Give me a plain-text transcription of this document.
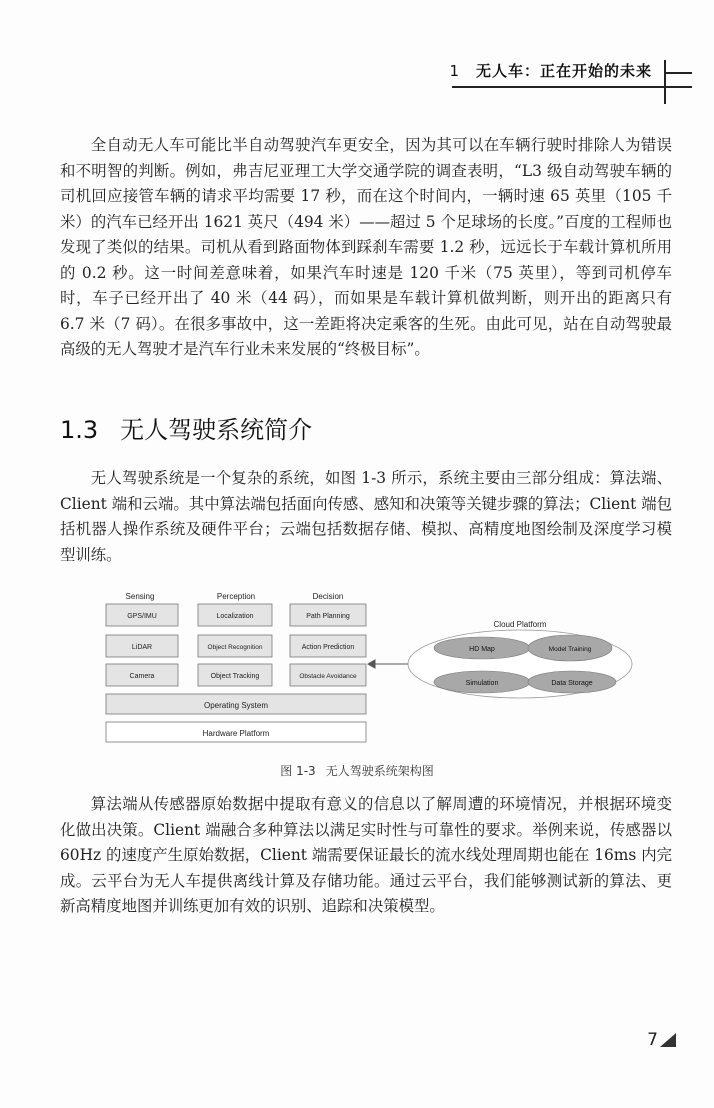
1 无人车：正在开始的未来

全自动无人车可能比半自动驾驶汽车更安全，因为其可以在车辆行驶时排除人为错误和不明智的判断。例如，弗吉尼亚理工大学交通学院的调查表明，“L3 级自动驾驶车辆的司机回应接管车辆的请求平均需要 17 秒，而在这个时间内，一辆时速 65 英里（105 千米）的汽车已经开出 1621 英尺（494 米）——超过 5 个足球场的长度。”百度的工程师也发现了类似的结果。司机从看到路面物体到踩刹车需要 1.2 秒，远远长于车载计算机所用的 0.2 秒。这一时间差意味着，如果汽车时速是 120 千米（75 英里），等到司机停车时，车子已经开出了 40 米（44 码），而如果是车载计算机做判断，则开出的距离只有 6.7 米（7 码）。在很多事故中，这一差距将决定乘客的生死。由此可见，站在自动驾驶最高级的无人驾驶才是汽车行业未来发展的“终极目标”。

1.3 无人驾驶系统简介

无人驾驶系统是一个复杂的系统，如图 1-3 所示，系统主要由三部分组成：算法端、Client 端和云端。其中算法端包括面向传感、感知和决策等关键步骤的算法；Client 端包括机器人操作系统及硬件平台；云端包括数据存储、模拟、高精度地图绘制及深度学习模型训练。

Sensing	Perception	Decision
GPS/IMU
LiDAR
Camera
Localization
Object Recognition
Object Tracking
Path Planning
Action Prediction
Obstacle Avoidance
Operating System
Hardware Platform
Cloud Platform
HD Map	Model Training
Simulation	Data Storage
图 1-3 无人驾驶系统架构图

算法端从传感器原始数据中提取有意义的信息以了解周遭的环境情况，并根据环境变化做出决策。Client 端融合多种算法以满足实时性与可靠性的要求。举例来说，传感器以 60Hz 的速度产生原始数据，Client 端需要保证最长的流水线处理周期也能在 16ms 内完成。云平台为无人车提供离线计算及存储功能。通过云平台，我们能够测试新的算法、更新高精度地图并训练更加有效的识别、追踪和决策模型。

7
